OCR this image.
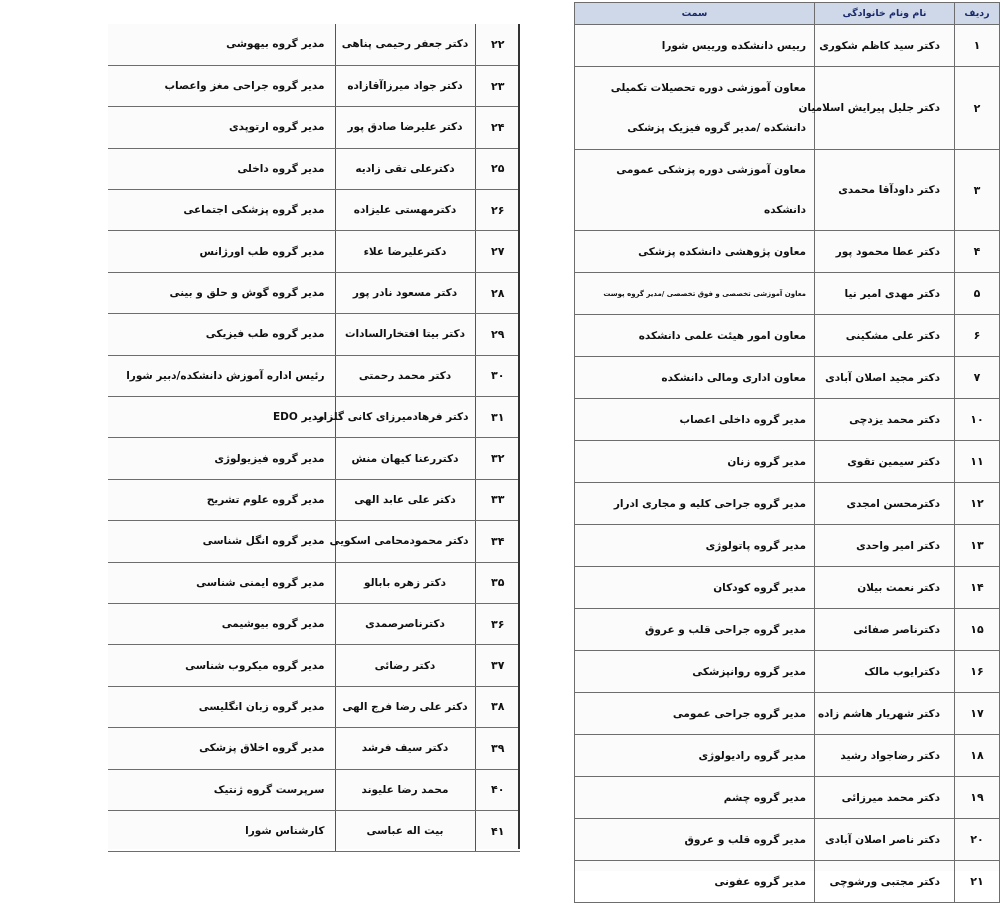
۲۲	دکتر جعفر رحیمی پناهی	مدیر گروه بیهوشی
۲۳	دکتر جواد میرزاآقازاده	مدیر گروه جراحی مغز واعصاب
۲۴	دکتر علیرضا صادق پور	مدیر گروه ارتوپدی
۲۵	دکترعلی تقی زادیه	مدیر گروه داخلی
۲۶	دکترمهستی علیزاده	مدیر گروه پزشکی اجتماعی
۲۷	دکترعلیرضا علاء	مدیر گروه طب اورژانس
۲۸	دکتر مسعود نادر پور	مدیر گروه گوش و حلق و بینی
۲۹	دکتر بیتا افتخارالسادات	مدیر گروه طب فیزیکی
۳۰	دکتر محمد رحمتی	رئیس اداره آموزش دانشکده/دبیر شورا
۳۱	دکتر فرهادمیرزای کانی گلزار	مدیر EDO
۳۲	دکتررعنا کیهان منش	مدیر گروه فیزیولوژی
۳۳	دکتر علی عابد الهی	مدیر گروه علوم تشریح
۳۴	دکتر محمودمحامی اسکویی	مدیر گروه انگل شناسی
۳۵	دکتر زهره بابالو	مدیر گروه ایمنی شناسی
۳۶	دکترناصرصمدی	مدیر گروه بیوشیمی
۳۷	دکتر رضائی	مدیر گروه میکروب شناسی
۳۸	دکتر علی رضا فرج الهی	مدیر گروه زبان انگلیسی
۳۹	دکتر سیف فرشد	مدیر گروه اخلاق پزشکی
۴۰	محمد رضا علیوند	سرپرست گروه ژنتیک
۴۱	بیت اله عباسی	کارشناس شورا
ردیف	نام ونام خانوادگی	سمت
۱	دکتر سید کاظم شکوری	رییس دانشکده ورییس شورا
۲	دکتر جلیل پیرایش اسلامیان	معاون آموزشی دوره تحصیلات تکمیلی دانشکده /مدیر گروه فیزیک پزشکی
۳	دکتر داودآقا محمدی	معاون آموزشی دوره پزشکی عمومی دانشکده
۴	دکتر عطا محمود پور	معاون پژوهشی دانشکده پزشکی
۵	دکتر مهدی امیر نیا	معاون آموزشی تخصصی و فوق تخصصی /مدیر گروه پوست
۶	دکتر علی مشکینی	معاون امور هیئت علمی دانشکده
۷	دکتر مجید اصلان آبادی	معاون اداری ومالی دانشکده
۱۰	دکتر محمد یزدچی	مدیر گروه داخلی اعصاب
۱۱	دکتر سیمین تقوی	مدیر گروه زنان
۱۲	دکترمحسن امجدی	مدیر گروه جراحی کلیه و مجاری ادرار
۱۳	دکتر امیر واحدی	مدیر گروه پاتولوژی
۱۴	دکتر نعمت بیلان	مدیر گروه کودکان
۱۵	دکترناصر صفائی	مدیر گروه جراحی قلب و عروق
۱۶	دکترایوب مالک	مدیر گروه روانپزشکی
۱۷	دکتر شهریار هاشم زاده	مدیر گروه جراحی عمومی
۱۸	دکتر رضاجواد رشید	مدیر گروه رادیولوژی
۱۹	دکتر محمد میرزائی	مدیر گروه چشم
۲۰	دکتر ناصر اصلان آبادی	مدیر گروه قلب و عروق
۲۱	دکتر مجتبی ورشوچی	مدیر گروه عفونی
